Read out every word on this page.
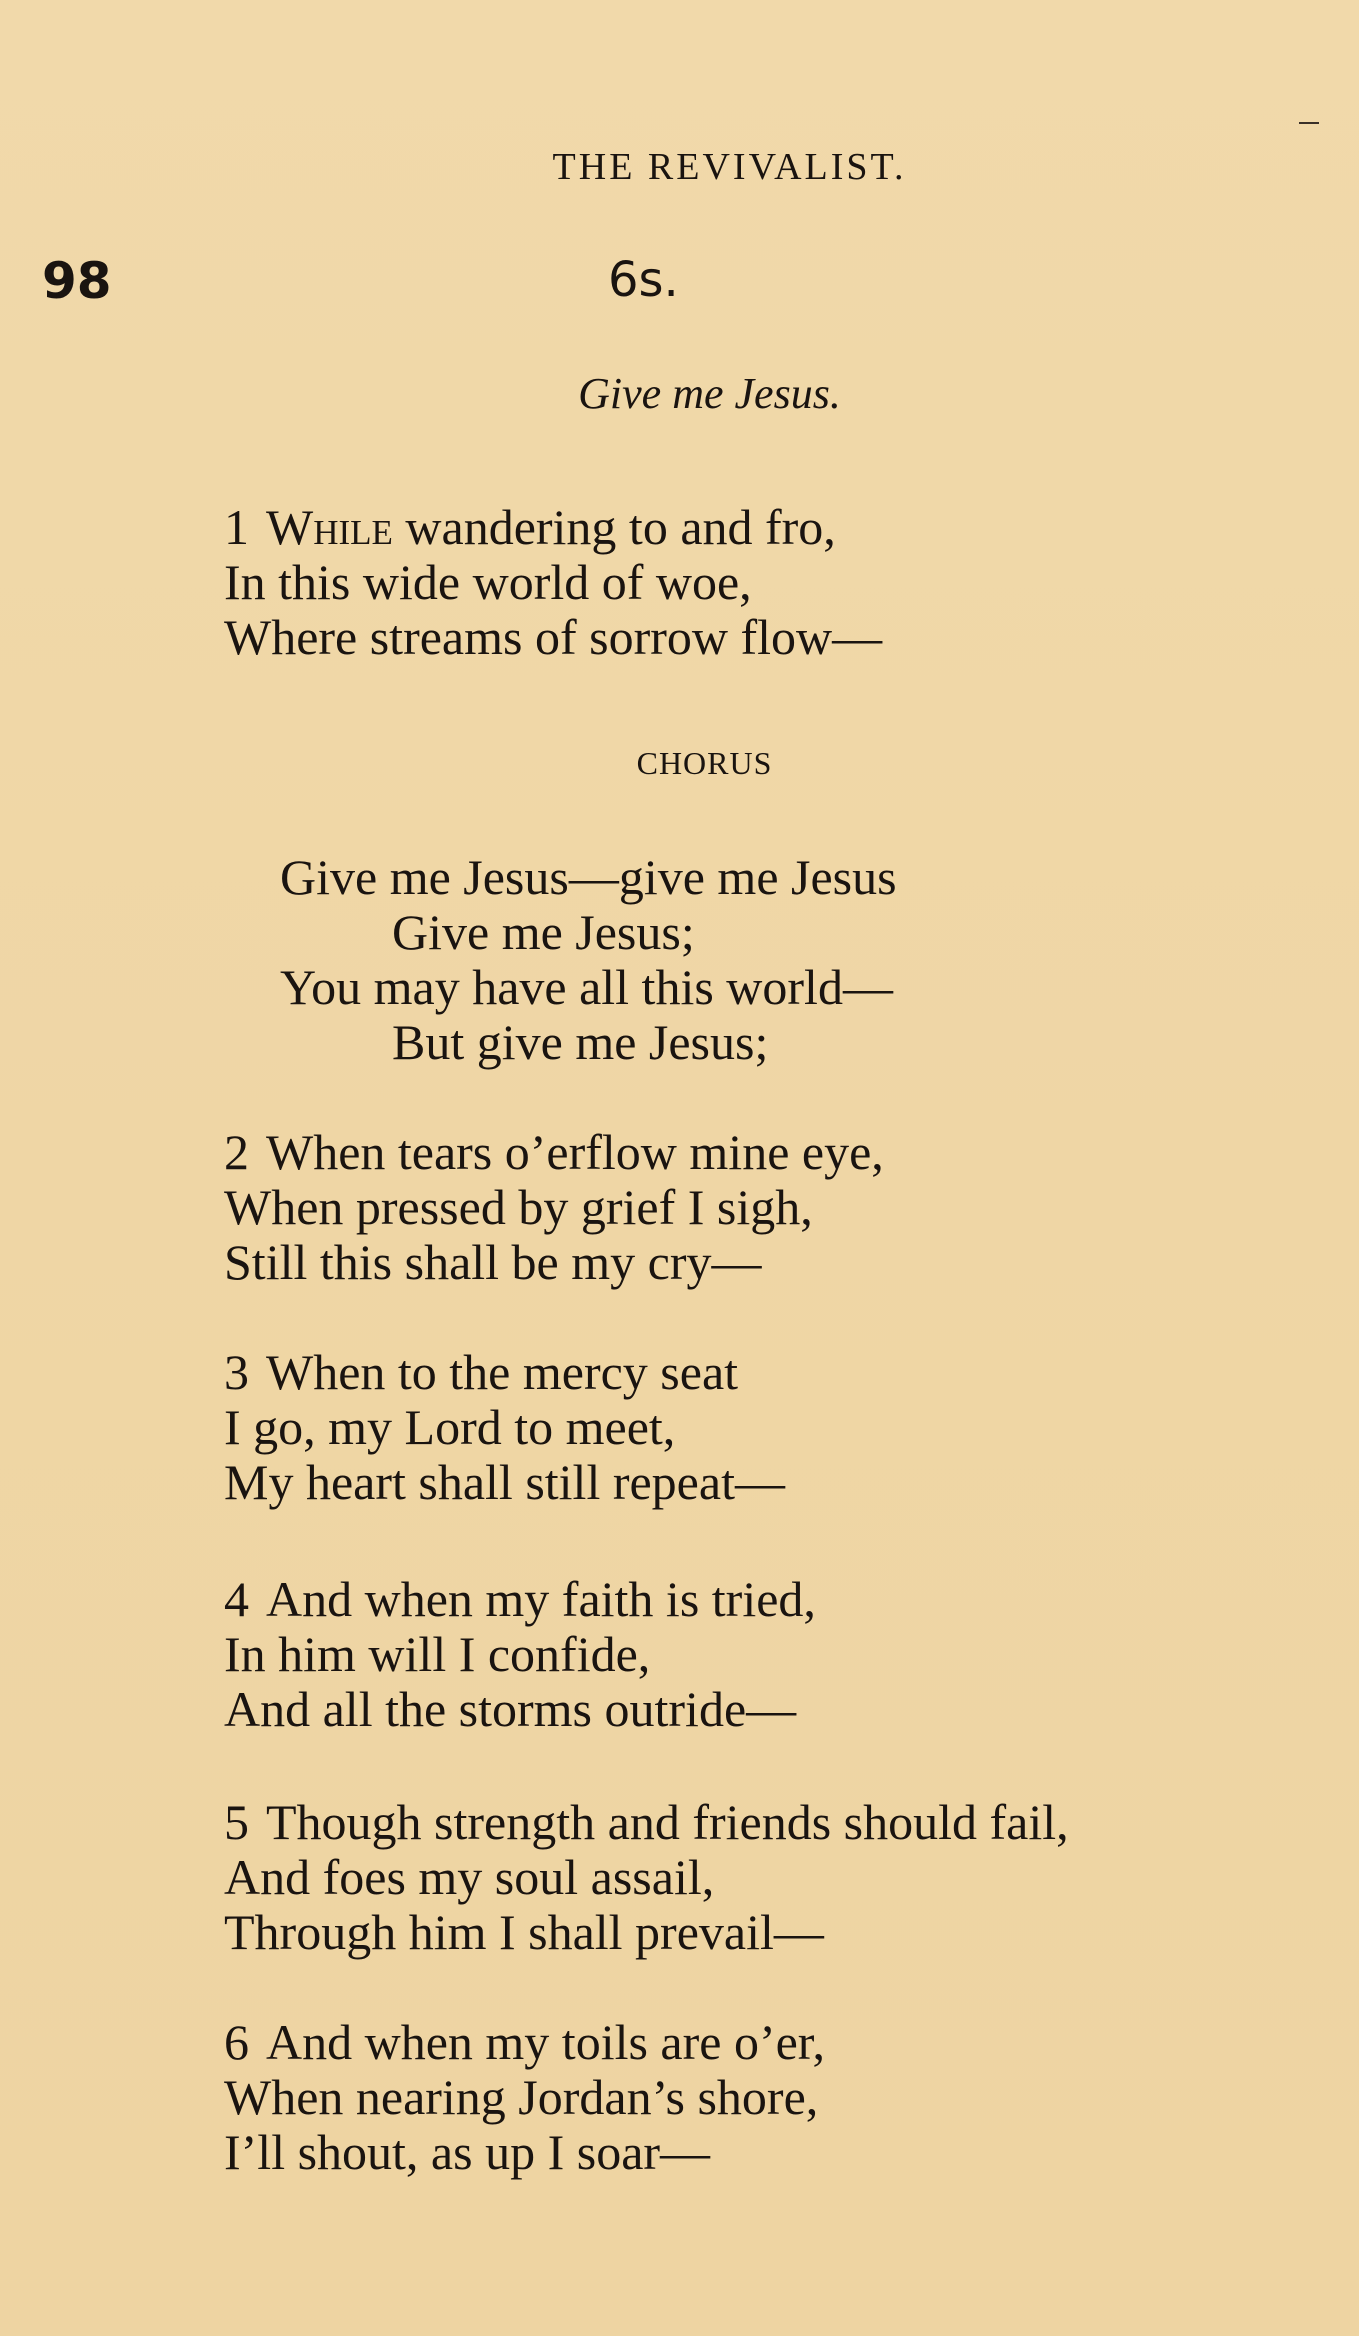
THE REVIVALIST.
98	6s.
Give me Jesus.
1 While wandering to and fro,
In this wide world of woe,
Where streams of sorrow flow—
CHORUS
Give me Jesus—give me Jesus
Give me Jesus;
You may have all this world—
But give me Jesus;
2 When tears o’erflow mine eye,
When pressed by grief I sigh,
Still this shall be my cry—
3 When to the mercy seat
I go, my Lord to meet,
My heart shall still repeat—
4 And when my faith is tried,
In him will I confide,
And all the storms outride—
5 Though strength and friends should fail,
And foes my soul assail,
Through him I shall prevail—
6 And when my toils are o’er,
When nearing Jordan’s shore,
I’ll shout, as up I soar—
